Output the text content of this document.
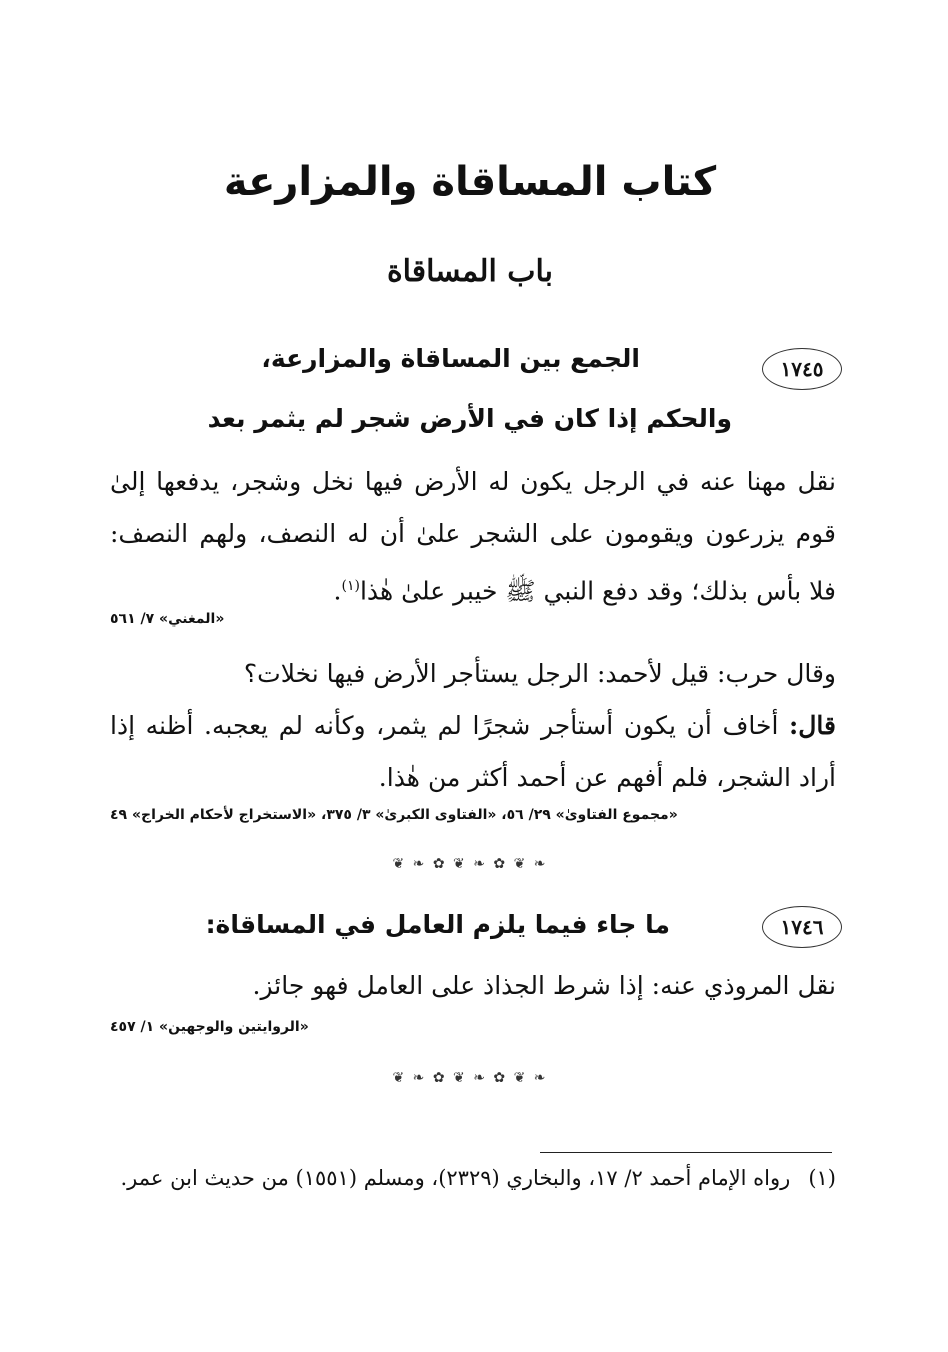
كتاب المساقاة والمزارعة
باب المساقاة
١٧٤٥
الجمع بين المساقاة والمزارعة،
والحكم إذا كان في الأرض شجر لم يثمر بعد
نقل مهنا عنه في الرجل يكون له الأرض فيها نخل وشجر، يدفعها إلىٰ قوم يزرعون ويقومون على الشجر علىٰ أن له النصف، ولهم النصف: فلا بأس بذلك؛ وقد دفع النبي ﷺ خيبر علىٰ هٰذا$^{(١)}$.
«المغني» ٧/ ٥٦١
وقال حرب: قيل لأحمد: الرجل يستأجر الأرض فيها نخلات؟
قال: أخاف أن يكون أستأجر شجرًا لم يثمر، وكأنه لم يعجبه. أظنه إذا أراد الشجر، فلم أفهم عن أحمد أكثر من هٰذا.
«مجموع الفتاوىٰ» ٢٩/ ٥٦، «الفتاوى الكبرىٰ» ٣/ ٣٧٥، «الاستخراج لأحكام الخراج» ٤٩
❦ ❧ ✿ ❦ ❧ ✿ ❦ ❧
١٧٤٦
ما جاء فيما يلزم العامل في المساقاة:
نقل المروذي عنه: إذا شرط الجذاذ على العامل فهو جائز.
«الروايتين والوجهين» ١/ ٤٥٧
❦ ❧ ✿ ❦ ❧ ✿ ❦ ❧
(١)رواه الإمام أحمد ٢/ ١٧، والبخاري (٢٣٢٩)، ومسلم (١٥٥١) من حديث ابن عمر.
